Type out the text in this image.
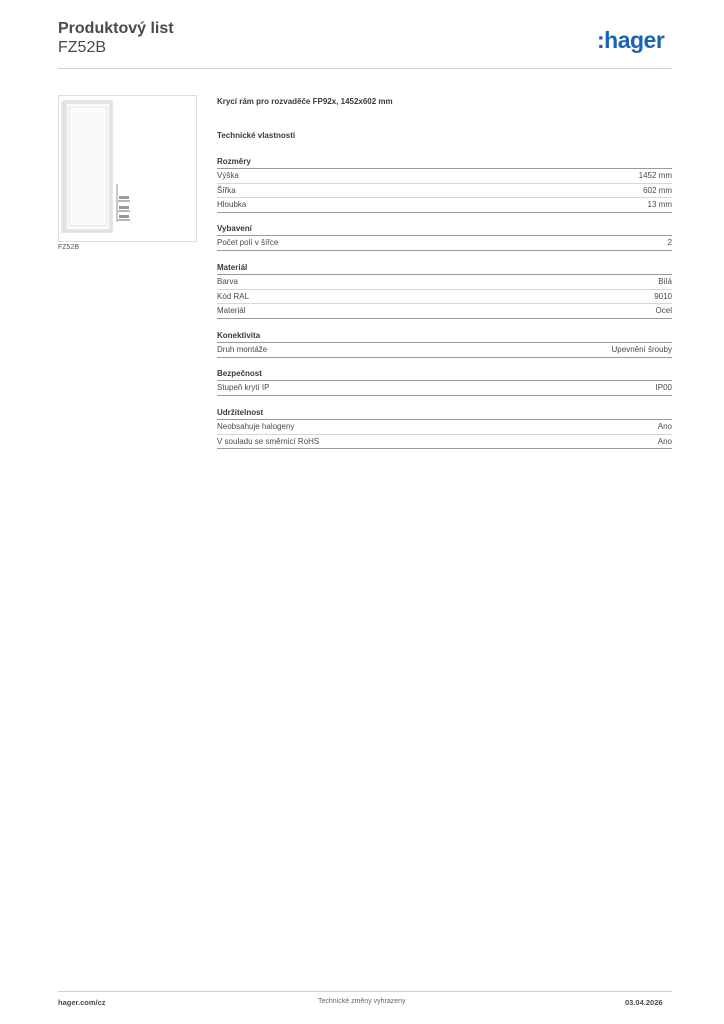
Produktový list
FZ52B	:hager
FZ52B
Krycí rám pro rozvaděče FP92x, 1452x602 mm
Technické vlastnosti
Rozměry
Výška	1452 mm
Šířka	602 mm
Hloubka	13 mm
Vybavení
Počet polí v šířce	2
Materiál
Barva	Bílá
Kód RAL	9010
Materiál	Ocel
Konektivita
Druh montáže	Upevnění šrouby
Bezpečnost
Stupeň krytí IP	IP00
Udržitelnost
Neobsahuje halogeny	Ano
V souladu se směrnicí RoHS	Ano
hager.com/cz	Technické změny vyhrazeny	03.04.2026
